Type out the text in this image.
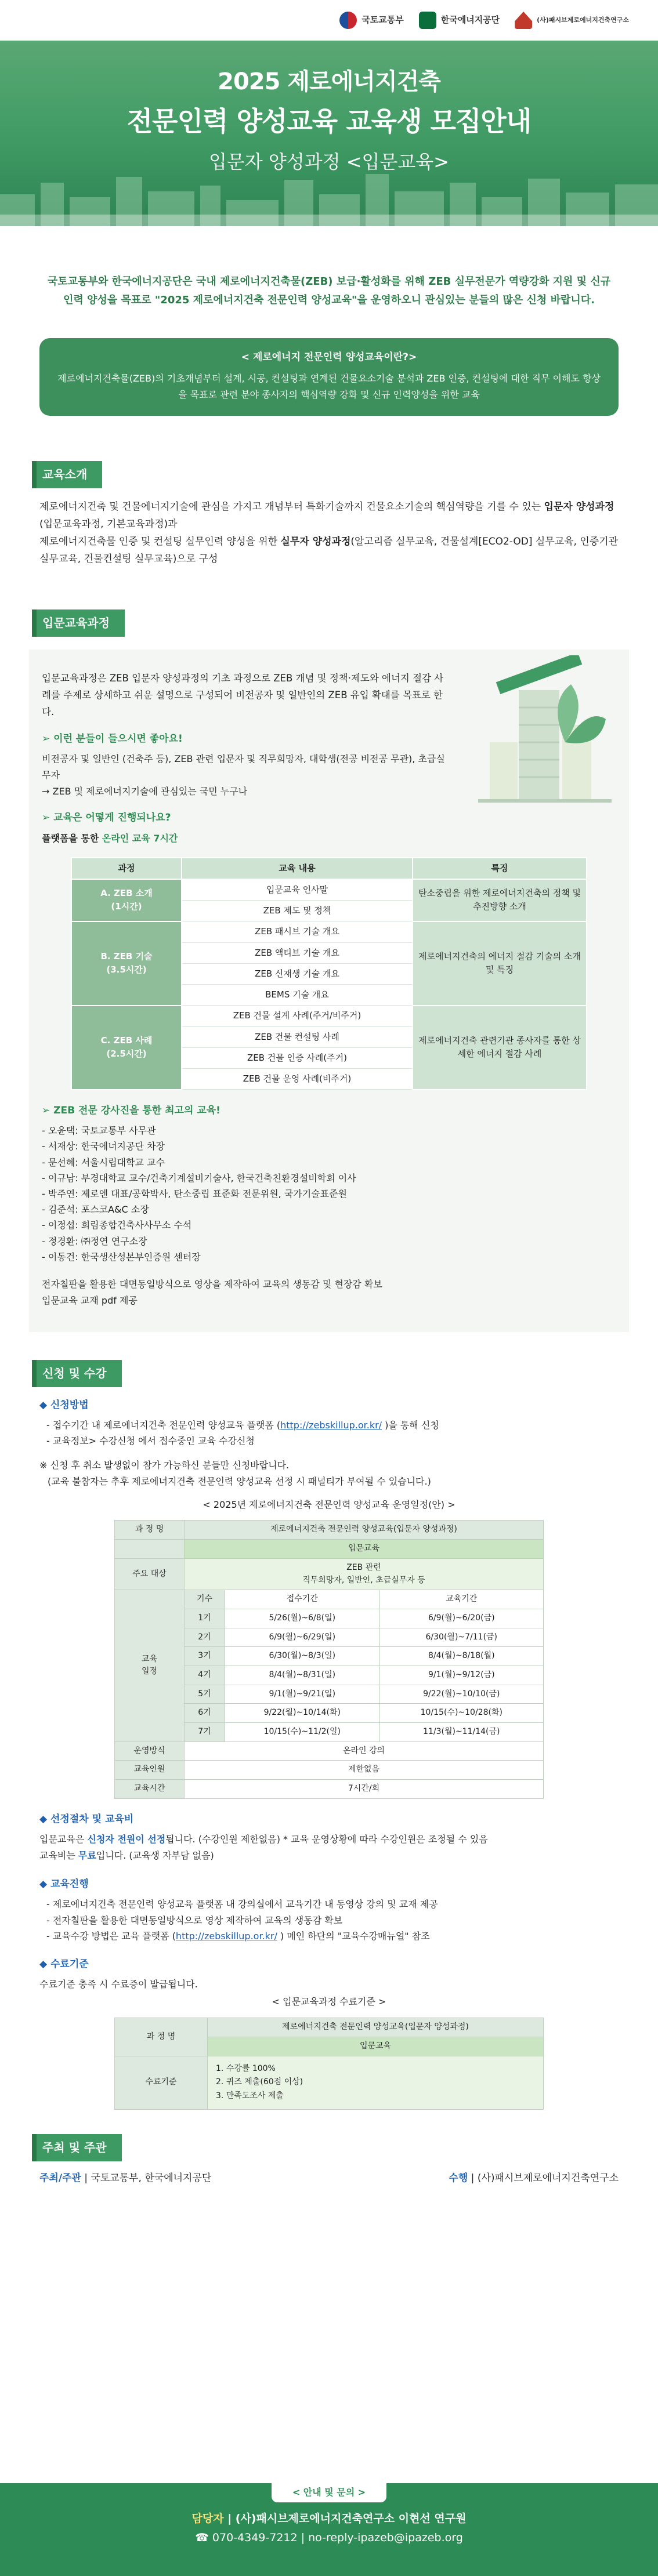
국토교통부	한국에너지공단	(사)패시브제로에너지건축연구소
2025 제로에너지건축
전문인력 양성교육 교육생 모집안내
입문자 양성과정 <입문교육>
국토교통부와 한국에너지공단은 국내 제로에너지건축물(ZEB) 보급·활성화를 위해 ZEB 실무전문가 역량강화 지원 및 신규인력 양성을 목표로 "2025 제로에너지건축 전문인력 양성교육"을 운영하오니 관심있는 분들의 많은 신청 바랍니다.
< 제로에너지 전문인력 양성교육이란?>
제로에너지건축물(ZEB)의 기초개념부터 설계, 시공, 컨설팅과 연계된 건물요소기술 분석과 ZEB 인증, 컨설팅에 대한 직무 이해도 향상을 목표로 관련 분야 종사자의 핵심역량 강화 및 신규 인력양성을 위한 교육
교육소개
제로에너지건축 및 건물에너지기술에 관심을 가지고 개념부터 특화기술까지 건물요소기술의 핵심역량을 기를 수 있는 입문자 양성과정(입문교육과정, 기본교육과정)과
제로에너지건축물 인증 및 컨설팅 실무인력 양성을 위한 실무자 양성과정(알고리즘 실무교육, 건물설계[ECO2-OD] 실무교육, 인증기관 실무교육, 건물컨설팅 실무교육)으로 구성
입문교육과정
입문교육과정은 ZEB 입문자 양성과정의 기초 과정으로 ZEB 개념 및 정책·제도와 에너지 절감 사례를 주제로 상세하고 쉬운 설명으로 구성되어 비전공자 및 일반인의 ZEB 유입 확대를 목표로 한다.
➢ 이런 분들이 들으시면 좋아요!
비전공자 및 일반인 (건축주 등), ZEB 관련 입문자 및 직무희망자, 대학생(전공 비전공 무관), 초급실무자
→ ZEB 및 제로에너지기술에 관심있는 국민 누구나
➢ 교육은 어떻게 진행되나요?
플랫폼을 통한 온라인 교육 7시간
과정	교육 내용	특징
A. ZEB 소개
(1시간)	입문교육 인사말	탄소중립을 위한 제로에너지건축의 정책 및 추진방향 소개
	ZEB 제도 및 정책	
B. ZEB 기술
(3.5시간)	ZEB 패시브 기술 개요	제로에너지건축의 에너지 절감 기술의 소개 및 특징
	ZEB 액티브 기술 개요	
	ZEB 신재생 기술 개요	
	BEMS 기술 개요	
C. ZEB 사례
(2.5시간)	ZEB 건물 설계 사례(주거/비주거)	제로에너지건축 관련기관 종사자를 통한 상세한 에너지 절감 사례
	ZEB 건물 컨설팅 사례	
	ZEB 건물 인증 사례(주거)	
	ZEB 건물 운영 사례(비주거)	
➢ ZEB 전문 강사진을 통한 최고의 교육!
- 오윤택: 국토교통부 사무관
- 서재상: 한국에너지공단 차장
- 문선혜: 서울시립대학교 교수
- 이규남: 부경대학교 교수/건축기계설비기술사, 한국건축친환경설비학회 이사
- 박주연: 제로엔 대표/공학박사, 탄소중립 표준화 전문위원, 국가기술표준원
- 김준석: 포스코A&C 소장
- 이정섭: 희림종합건축사사무소 수석
- 정경환: ㈜정연 연구소장
- 이동건: 한국생산성본부인증원 센터장
전자칠판을 활용한 대면동일방식으로 영상을 제작하여 교육의 생동감 및 현장감 확보
입문교육 교재 pdf 제공
신청 및 수강
◆ 신청방법
- 접수기간 내 제로에너지건축 전문인력 양성교육 플랫폼 (http://zebskillup.or.kr/ )을 통해 신청
- 교육정보> 수강신청 에서 접수중인 교육 수강신청
※ 신청 후 취소 발생없이 참가 가능하신 분들만 신청바랍니다.
(교육 불참자는 추후 제로에너지건축 전문인력 양성교육 선정 시 패널티가 부여될 수 있습니다.)
< 2025년 제로에너지건축 전문인력 양성교육 운영일정(안) >
과 정 명	제로에너지건축 전문인력 양성교육(입문자 양성과정)		
	입문교육		
주요 대상	ZEB 관련
직무희망자, 일반인, 초급실무자 등		
교육
일정	기수	접수기간	교육기간
	1기	5/26(월)~6/8(일)	6/9(월)~6/20(금)
	2기	6/9(월)~6/29(일)	6/30(월)~7/11(금)
	3기	6/30(월)~8/3(일)	8/4(월)~8/18(월)
	4기	8/4(월)~8/31(일)	9/1(월)~9/12(금)
	5기	9/1(월)~9/21(일)	9/22(월)~10/10(금)
	6기	9/22(월)~10/14(화)	10/15(수)~10/28(화)
	7기	10/15(수)~11/2(일)	11/3(월)~11/14(금)
운영방식	온라인 강의		
교육인원	제한없음		
교육시간	7시간/회		
◆ 선정절차 및 교육비
입문교육은 신청자 전원이 선정됩니다. (수강인원 제한없음) * 교육 운영상황에 따라 수강인원은 조정될 수 있음
교육비는 무료입니다. (교육생 자부담 없음)
◆ 교육진행
- 제로에너지건축 전문인력 양성교육 플랫폼 내 강의실에서 교육기간 내 동영상 강의 및 교재 제공
- 전자칠판을 활용한 대면동일방식으로 영상 제작하여 교육의 생동감 확보
- 교육수강 방법은 교육 플랫폼 (http://zebskillup.or.kr/ ) 메인 하단의 "교육수강매뉴얼" 참조
◆ 수료기준
수료기준 충족 시 수료증이 발급됩니다.
< 입문교육과정 수료기준 >
과 정 명	제로에너지건축 전문인력 양성교육(입문자 양성과정)
	입문교육
수료기준	1. 수강률 100%
2. 퀴즈 제출(60점 이상)
3. 만족도조사 제출
주최 및 주관
주최/주관 | 국토교통부, 한국에너지공단	수행 | (사)패시브제로에너지건축연구소
< 안내 및 문의 >
담당자 | (사)패시브제로에너지건축연구소 이현선 연구원
☎ 070-4349-7212 | no-reply-ipazeb@ipazeb.org
